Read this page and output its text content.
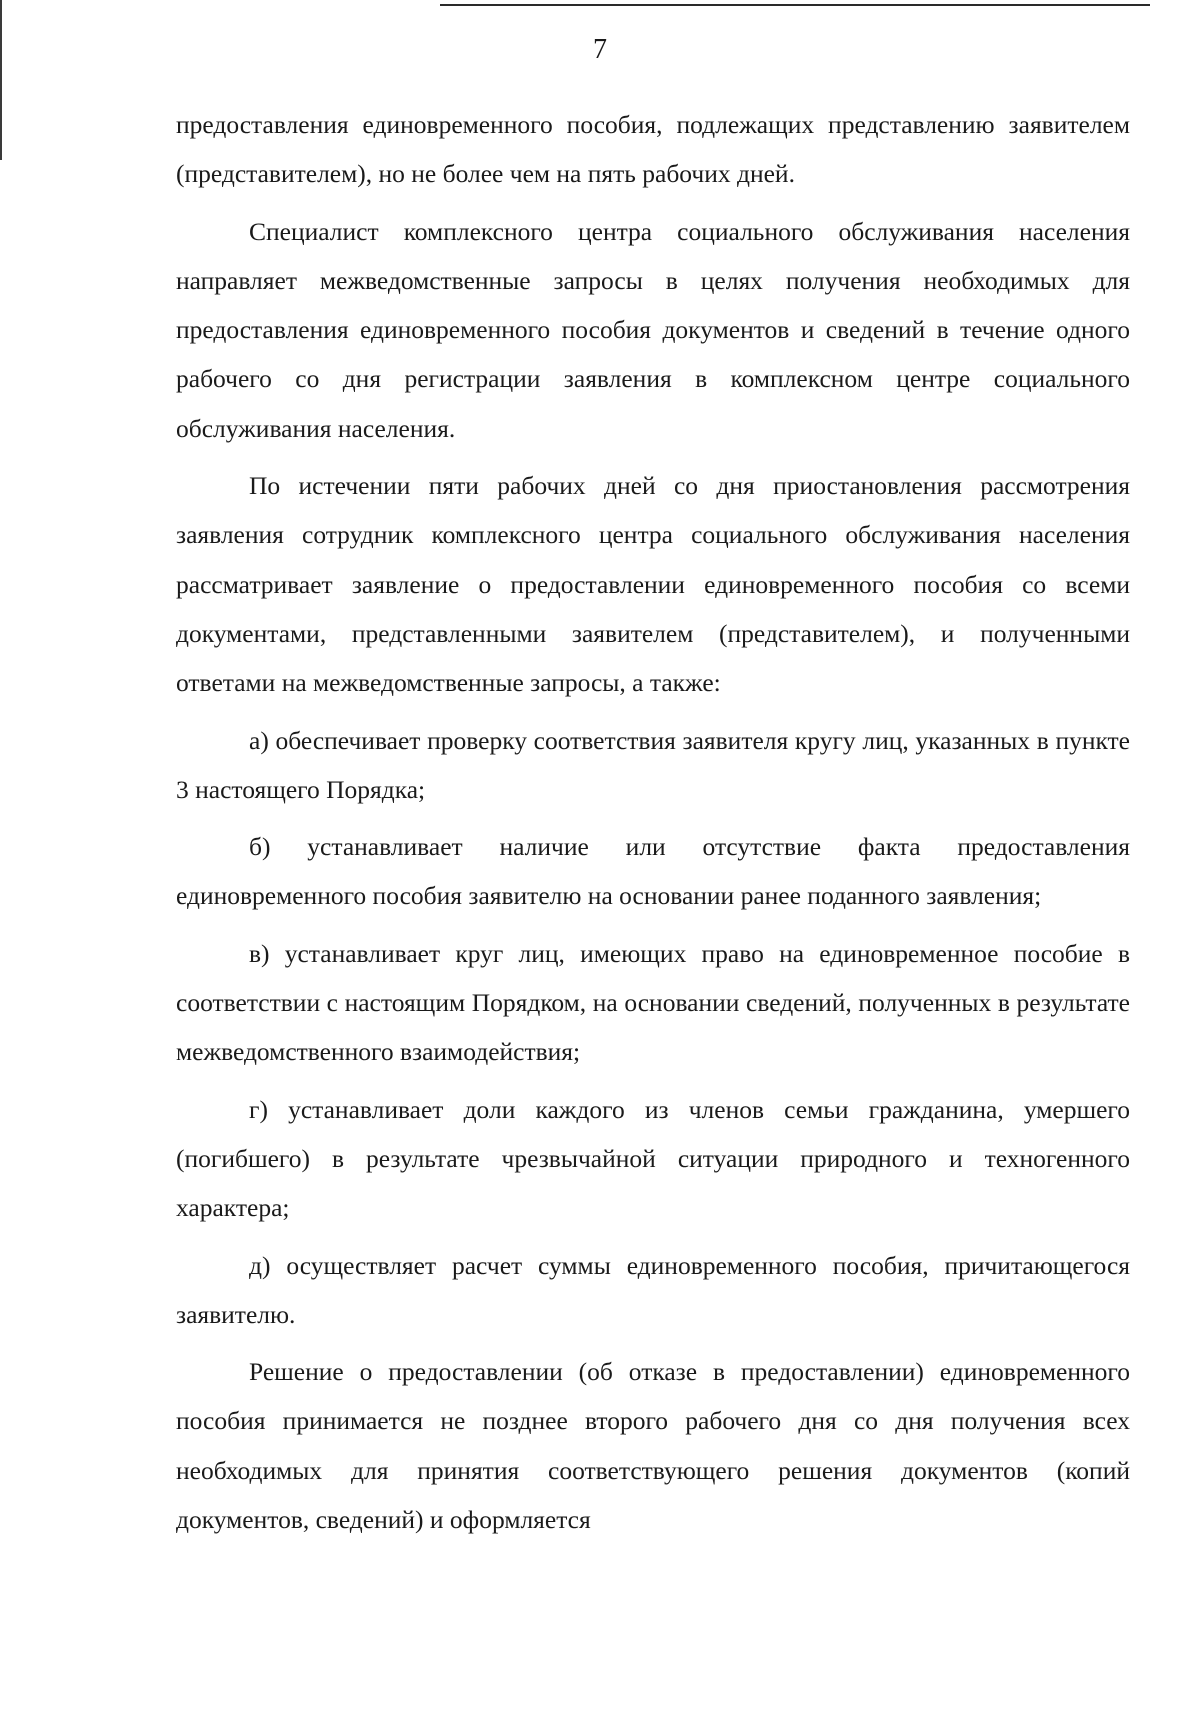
7

предоставления единовременного пособия, подлежащих представлению заявителем (представителем), но не более чем на пять рабочих дней.

Специалист комплексного центра социального обслуживания населения направляет межведомственные запросы в целях получения необходимых для предоставления единовременного пособия документов и сведений в течение одного рабочего со дня регистрации заявления в комплексном центре социального обслуживания населения.

По истечении пяти рабочих дней со дня приостановления рассмотрения заявления сотрудник комплексного центра социального обслуживания населения рассматривает заявление о предоставлении единовременного пособия со всеми документами, представленными заявителем (представителем), и полученными ответами на межведомственные запросы, а также:

а) обеспечивает проверку соответствия заявителя кругу лиц, указанных в пункте 3 настоящего Порядка;

б) устанавливает наличие или отсутствие факта предоставления единовременного пособия заявителю на основании ранее поданного заявления;

в) устанавливает круг лиц, имеющих право на единовременное пособие в соответствии с настоящим Порядком, на основании сведений, полученных в результате межведомственного взаимодействия;

г) устанавливает доли каждого из членов семьи гражданина, умершего (погибшего) в результате чрезвычайной ситуации природного и техногенного характера;

д) осуществляет расчет суммы единовременного пособия, причитающегося заявителю.

Решение о предоставлении (об отказе в предоставлении) единовременного пособия принимается не позднее второго рабочего дня со дня получения всех необходимых для принятия соответствующего решения документов (копий документов, сведений) и оформляется
